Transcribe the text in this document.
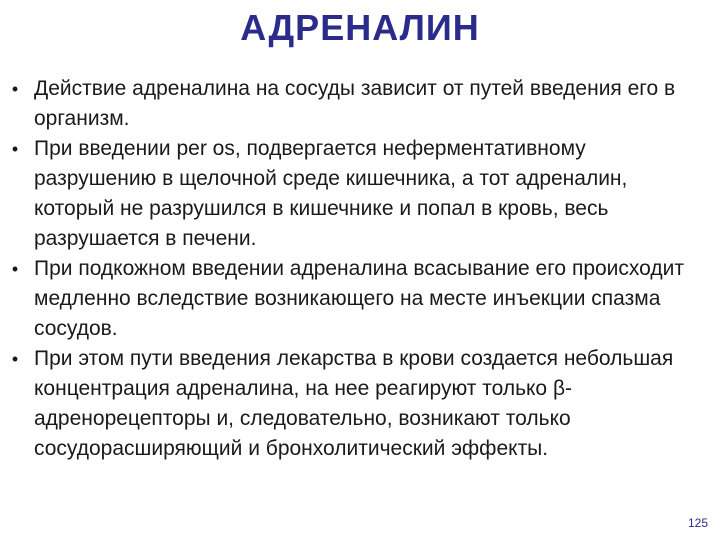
АДРЕНАЛИН
• Действие адреналина на сосуды зависит от путей введения его в организм.
• При введении per os, подвергается неферментативному разрушению в щелочной среде кишечника, а тот адреналин, который не разрушился в кишечнике и попал в кровь, весь разрушается в печени.
• При подкожном введении адреналина всасывание его происходит медленно вследствие возникающего на месте инъекции спазма сосудов.
• При этом пути введения лекарства в крови создается небольшая концентрация адреналина, на нее реагируют только β-адренорецепторы и, следовательно, возникают только сосудорасширяющий и бронхолитический эффекты.
125
